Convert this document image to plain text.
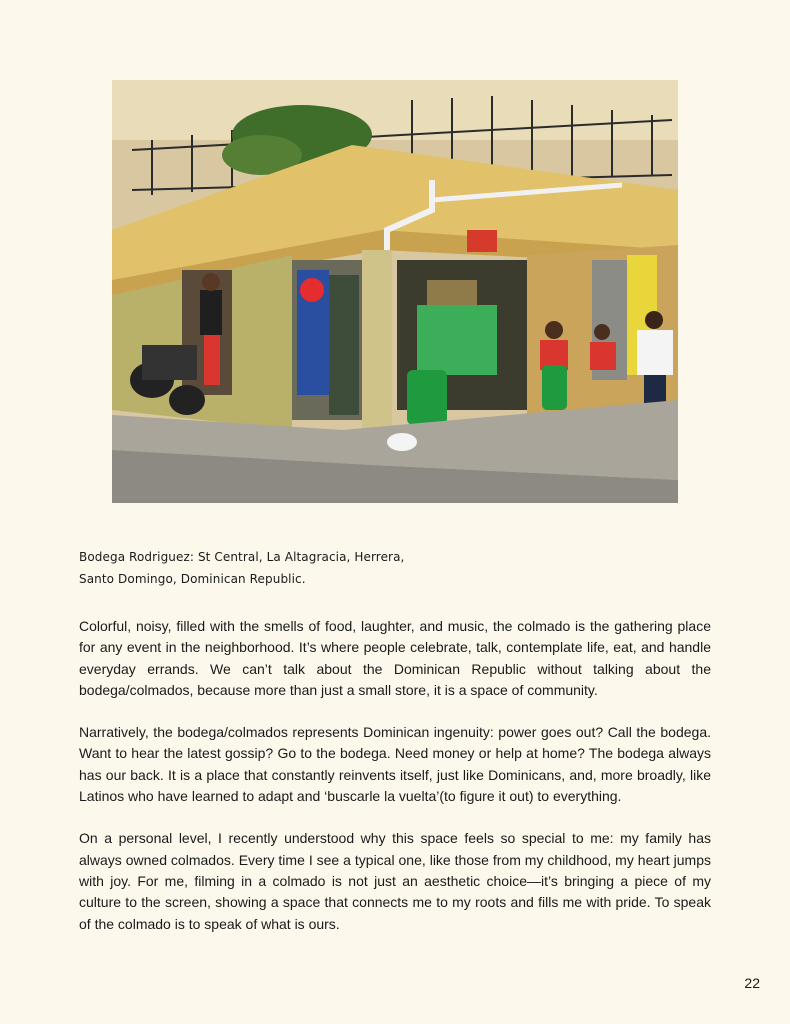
Bodega Rodriguez: St Central, La Altagracia, Herrera,
Santo Domingo, Dominican Republic.

Colorful, noisy, filled with the smells of food, laughter, and music, the colmado is the gathering place for any event in the neighborhood. It’s where people celebrate, talk, contemplate life, eat, and handle everyday errands. We can’t talk about the Dominican Republic without talking about the bodega/colmados, because more than just a small store, it is a space of community.

Narratively, the bodega/colmados represents Dominican ingenuity: power goes out? Call the bodega. Want to hear the latest gossip? Go to the bodega. Need money or help at home? The bodega always has our back. It is a place that constantly reinvents itself, just like Dominicans, and, more broadly, like Latinos who have learned to adapt and ‘buscarle la vuelta’(to figure it out) to everything.

On a personal level, I recently understood why this space feels so special to me: my family has always owned colmados. Every time I see a typical one, like those from my childhood, my heart jumps with joy. For me, filming in a colmado is not just an aesthetic choice—it’s bringing a piece of my culture to the screen, showing a space that connects me to my roots and fills me with pride. To speak of the colmado is to speak of what is ours.

22
